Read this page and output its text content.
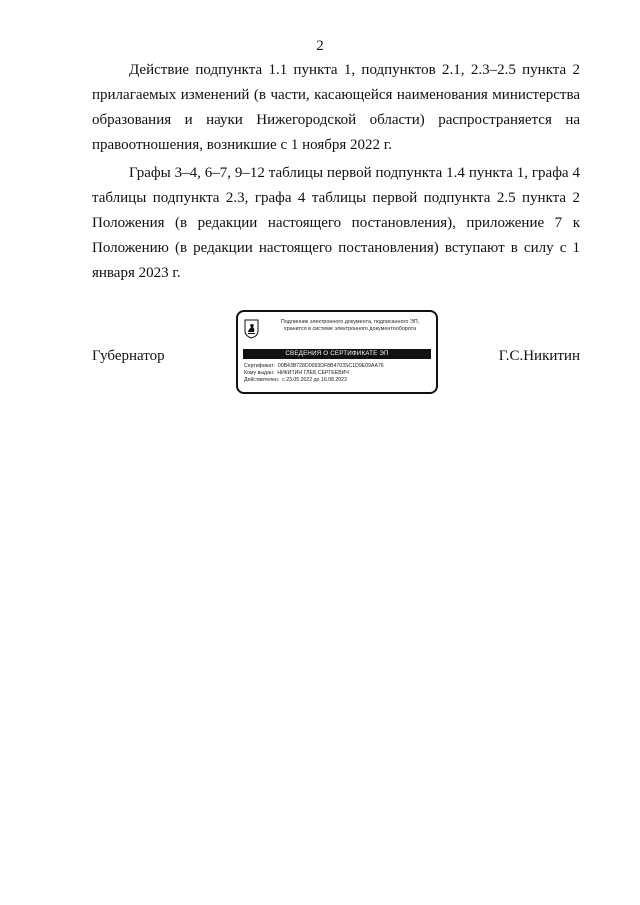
2

Действие подпункта 1.1 пункта 1, подпунктов 2.1, 2.3–2.5 пункта 2 прилагаемых изменений (в части, касающейся наименования министерства образования и науки Нижегородской области) распространяется на правоотношения, возникшие с 1 ноября 2022 г.

Графы 3–4, 6–7, 9–12 таблицы первой подпункта 1.4 пункта 1, графа 4 таблицы подпункта 2.3, графа 4 таблицы первой подпункта 2.5 пункта 2 Положения (в редакции настоящего постановления), приложение 7 к Положению (в редакции настоящего постановления) вступают в силу с 1 января 2023 г.

Губернатор	Г.С.Никитин
Подлинник электронного документа, подписанного ЭП,
хранится в системе электронного документооборота
СВЕДЕНИЯ О СЕРТИФИКАТЕ ЭП
Сертификат: 00B43B728D0093DF8B4703SC1D9E09AA76
Кому выдан: НИКИТИН ГЛЕБ СЕРГЕЕВИЧ
Действителен: с 23.05.2022 до 16.08.2023
